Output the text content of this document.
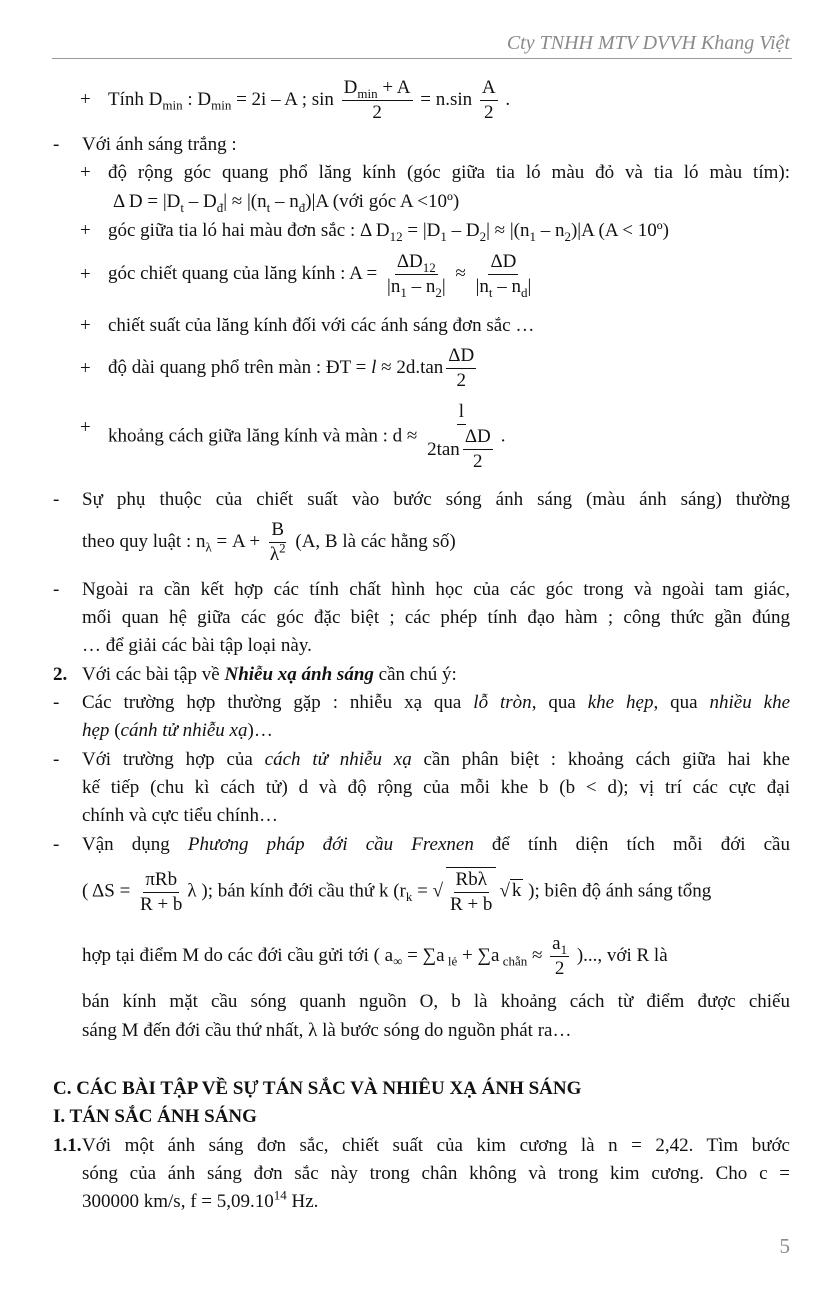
Cty TNHH MTV DVVH Khang Việt
+ Tính $D_{min}$ : $D_{min} = 2i - A$ ; sin
$D_{min} + A$
2
= $n.\sin \frac{A}{2}$ .
- Với ánh sáng trắng :
+ độ rộng góc quang phổ lăng kính (góc giữa tia ló màu đỏ và tia ló màu tím):
Δ $D = |D_t - D_đ| \approx |(n_t - n_đ)|A$ (với góc A <10º)
+ góc giữa tia ló hai màu đơn sắc : Δ $D_{12} = |D_1 - D_2| \approx |(n_1 - n_2)|A$ (A < 10º)
+ góc chiết quang của lăng kính : $A = \frac{\Delta D_{12}}{|n_1 - n_2|} \approx \frac{\Delta D}{|n_t - n_d|}$
+ chiết suất của lăng kính đối với các ánh sáng đơn sắc …
+ độ dài quang phổ trên màn : ĐT = $l \approx 2d.\tan \frac{\Delta D}{2}$
+ khoảng cách giữa lăng kính và màn : d ≈ l
2tan
ΔD
2 .
- Sự phụ thuộc của chiết suất vào bước sóng ánh sáng (màu ánh sáng) thường
theo quy luật : $n_\lambda = A + \frac{B}{\lambda^2} (A$, B là các hằng số)
- Ngoài ra cần kết hợp các tính chất hình học của các góc trong và ngoài tam giác,
mối quan hệ giữa các góc đặc biệt ; các phép tính đạo hàm ; công thức gần đúng
… để giải các bài tập loại này.
2. Với các bài tập về Nhiễu xạ ánh sáng cần chú ý:
- Các trường hợp thường gặp : nhiễu xạ qua lỗ tròn, qua khe hẹp, qua nhiều khe
hẹp (cánh tử nhiễu xạ)…
- Với trường hợp của cách tử nhiễu xạ cần phân biệt : khoảng cách giữa hai khe
kế tiếp (chu kì cách tử) d và độ rộng của mỗi khe b (b < d); vị trí các cực đại
chính và cực tiểu chính…
- Vận dụng Phương pháp đới cầu Frexnen để tính diện tích mỗi đới cầu
( ΔS =
πRb
R + b
λ ); bán kính đới cầu thứ k ($r_k$ = √
Rbλ
R + b
√ k ); biên độ ánh sáng tổng
hợp tại điểm M do các đới cầu gửi tới ( $a_\infty = \sum a$ $_{lẻ}$ + ∑a $_{chẵn} \approx \frac{a_1}{2}$ )..., với R là
bán kính mặt cầu sóng quanh nguồn O, b là khoảng cách từ điểm được chiếu
sáng M đến đới cầu thứ nhất, λ là bước sóng do nguồn phát ra…
C. CÁC BÀI TẬP VỀ SỰ TÁN SẮC VÀ NHIÊU XẠ ÁNH SÁNG
I. TÁN SẮC ÁNH SÁNG
1.1. Với một ánh sáng đơn sắc, chiết suất của kim cương là n = 2,42. Tìm bước
sóng của ánh sáng đơn sắc này trong chân không và trong kim cương. Cho c =
300000 km/s, $f = 5,09.10^{14}$ Hz.
5
